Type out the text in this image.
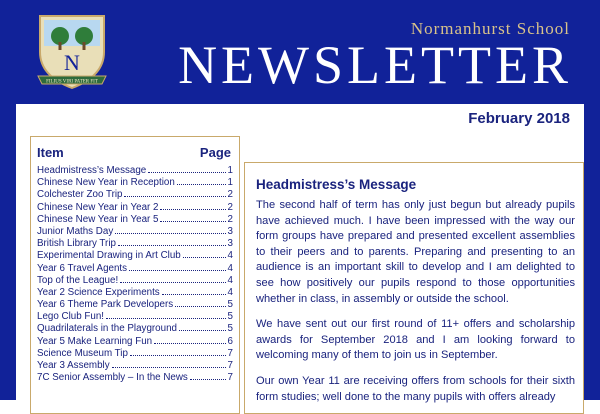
N
FILIUS VIRI PATER FIT
Normanhurst School
NEWSLETTER
February 2018
Item	Page
Headmistress’s Message	1
Chinese New Year in Reception	1
Colchester Zoo Trip	2
Chinese New Year in Year 2	2
Chinese New Year in Year 5	2
Junior Maths Day	3
British Library Trip	3
Experimental Drawing in Art Club	4
Year 6 Travel Agents	4
Top of the League!	4
Year 2 Science Experiments	4
Year 6 Theme Park Developers	5
Lego Club Fun!	5
Quadrilaterals in the Playground	5
Year 5 Make Learning Fun	6
Science Museum Tip	7
Year 3 Assembly	7
7C Senior Assembly – In the News	7
Headmistress’s Message

The second half of term has only just begun but already pupils have achieved much. I have been impressed with the way our form groups have prepared and presented excellent assemblies to their peers and to parents. Preparing and presenting to an audience is an important skill to develop and I am delighted to see how positively our pupils respond to those opportunities whether in class, in assembly or outside the school.

We have sent out our first round of 11+ offers and scholarship awards for September 2018 and I am looking forward to welcoming many of them to join us in September.

Our own Year 11 are receiving offers from schools for their sixth form studies; well done to the many pupils with offers already
